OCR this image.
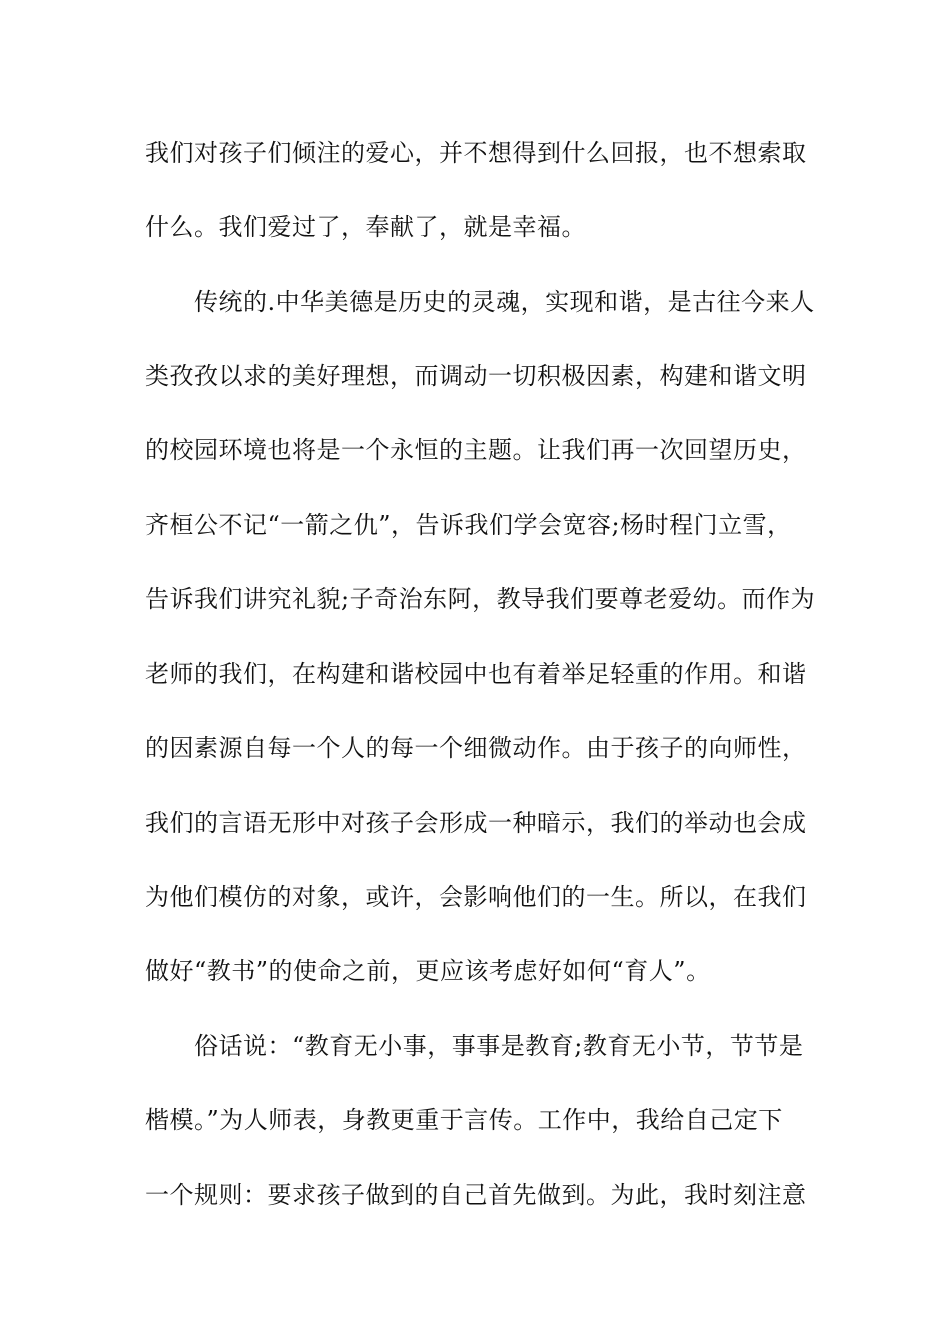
我们对孩子们倾注的爱心，并不想得到什么回报，也不想索取
什么。我们爱过了，奉献了，就是幸福。
　　传统的.中华美德是历史的灵魂，实现和谐，是古往今来人
类孜孜以求的美好理想，而调动一切积极因素，构建和谐文明
的校园环境也将是一个永恒的主题。让我们再一次回望历史，
齐桓公不记“一箭之仇”，告诉我们学会宽容;杨时程门立雪，
告诉我们讲究礼貌;子奇治东阿，教导我们要尊老爱幼。而作为
老师的我们，在构建和谐校园中也有着举足轻重的作用。和谐
的因素源自每一个人的每一个细微动作。由于孩子的向师性，
我们的言语无形中对孩子会形成一种暗示，我们的举动也会成
为他们模仿的对象，或许，会影响他们的一生。所以，在我们
做好“教书”的使命之前，更应该考虑好如何“育人”。
　　俗话说：“教育无小事，事事是教育;教育无小节，节节是
楷模。”为人师表，身教更重于言传。工作中，我给自己定下
一个规则：要求孩子做到的自己首先做到。为此，我时刻注意
